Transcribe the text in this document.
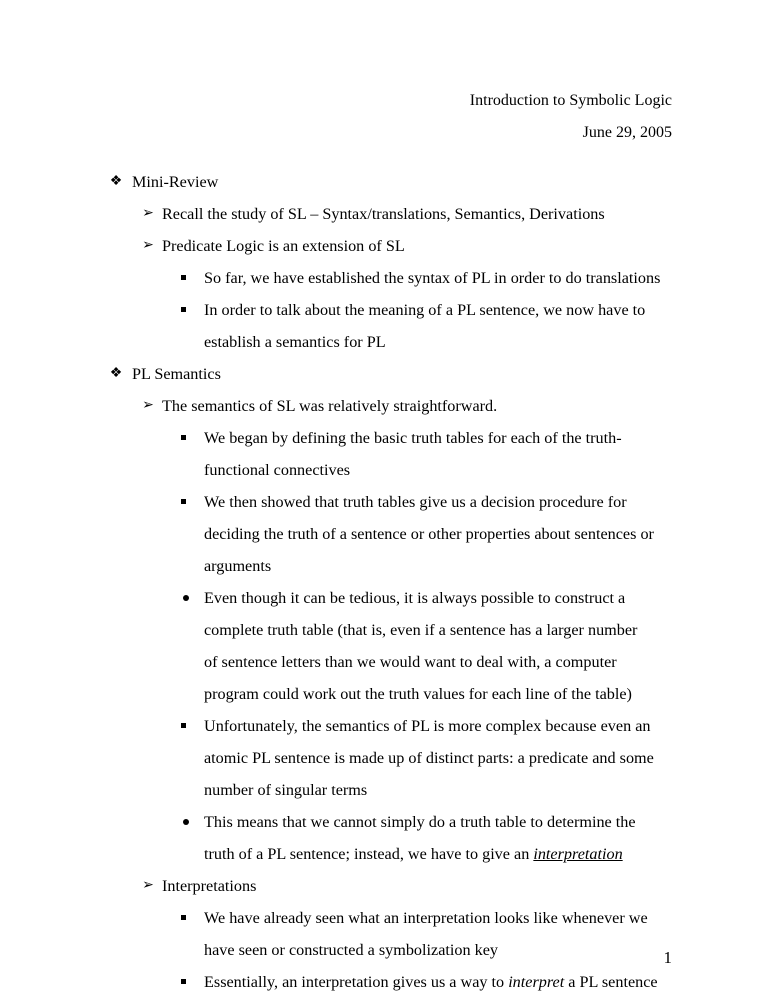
Introduction to Symbolic Logic
June 29, 2005
❖ Mini-Review
➢ Recall the study of SL – Syntax/translations, Semantics, Derivations
➢ Predicate Logic is an extension of SL
So far, we have established the syntax of PL in order to do translations
In order to talk about the meaning of a PL sentence, we now have to
establish a semantics for PL
❖ PL Semantics
➢ The semantics of SL was relatively straightforward.
We began by defining the basic truth tables for each of the truth-
functional connectives
We then showed that truth tables give us a decision procedure for
deciding the truth of a sentence or other properties about sentences or
arguments
Even though it can be tedious, it is always possible to construct a
complete truth table (that is, even if a sentence has a larger number
of sentence letters than we would want to deal with, a computer
program could work out the truth values for each line of the table)
Unfortunately, the semantics of PL is more complex because even an
atomic PL sentence is made up of distinct parts: a predicate and some
number of singular terms
This means that we cannot simply do a truth table to determine the
truth of a PL sentence; instead, we have to give an interpretation
➢ Interpretations
We have already seen what an interpretation looks like whenever we
have seen or constructed a symbolization key
Essentially, an interpretation gives us a way to interpret a PL sentence
1
